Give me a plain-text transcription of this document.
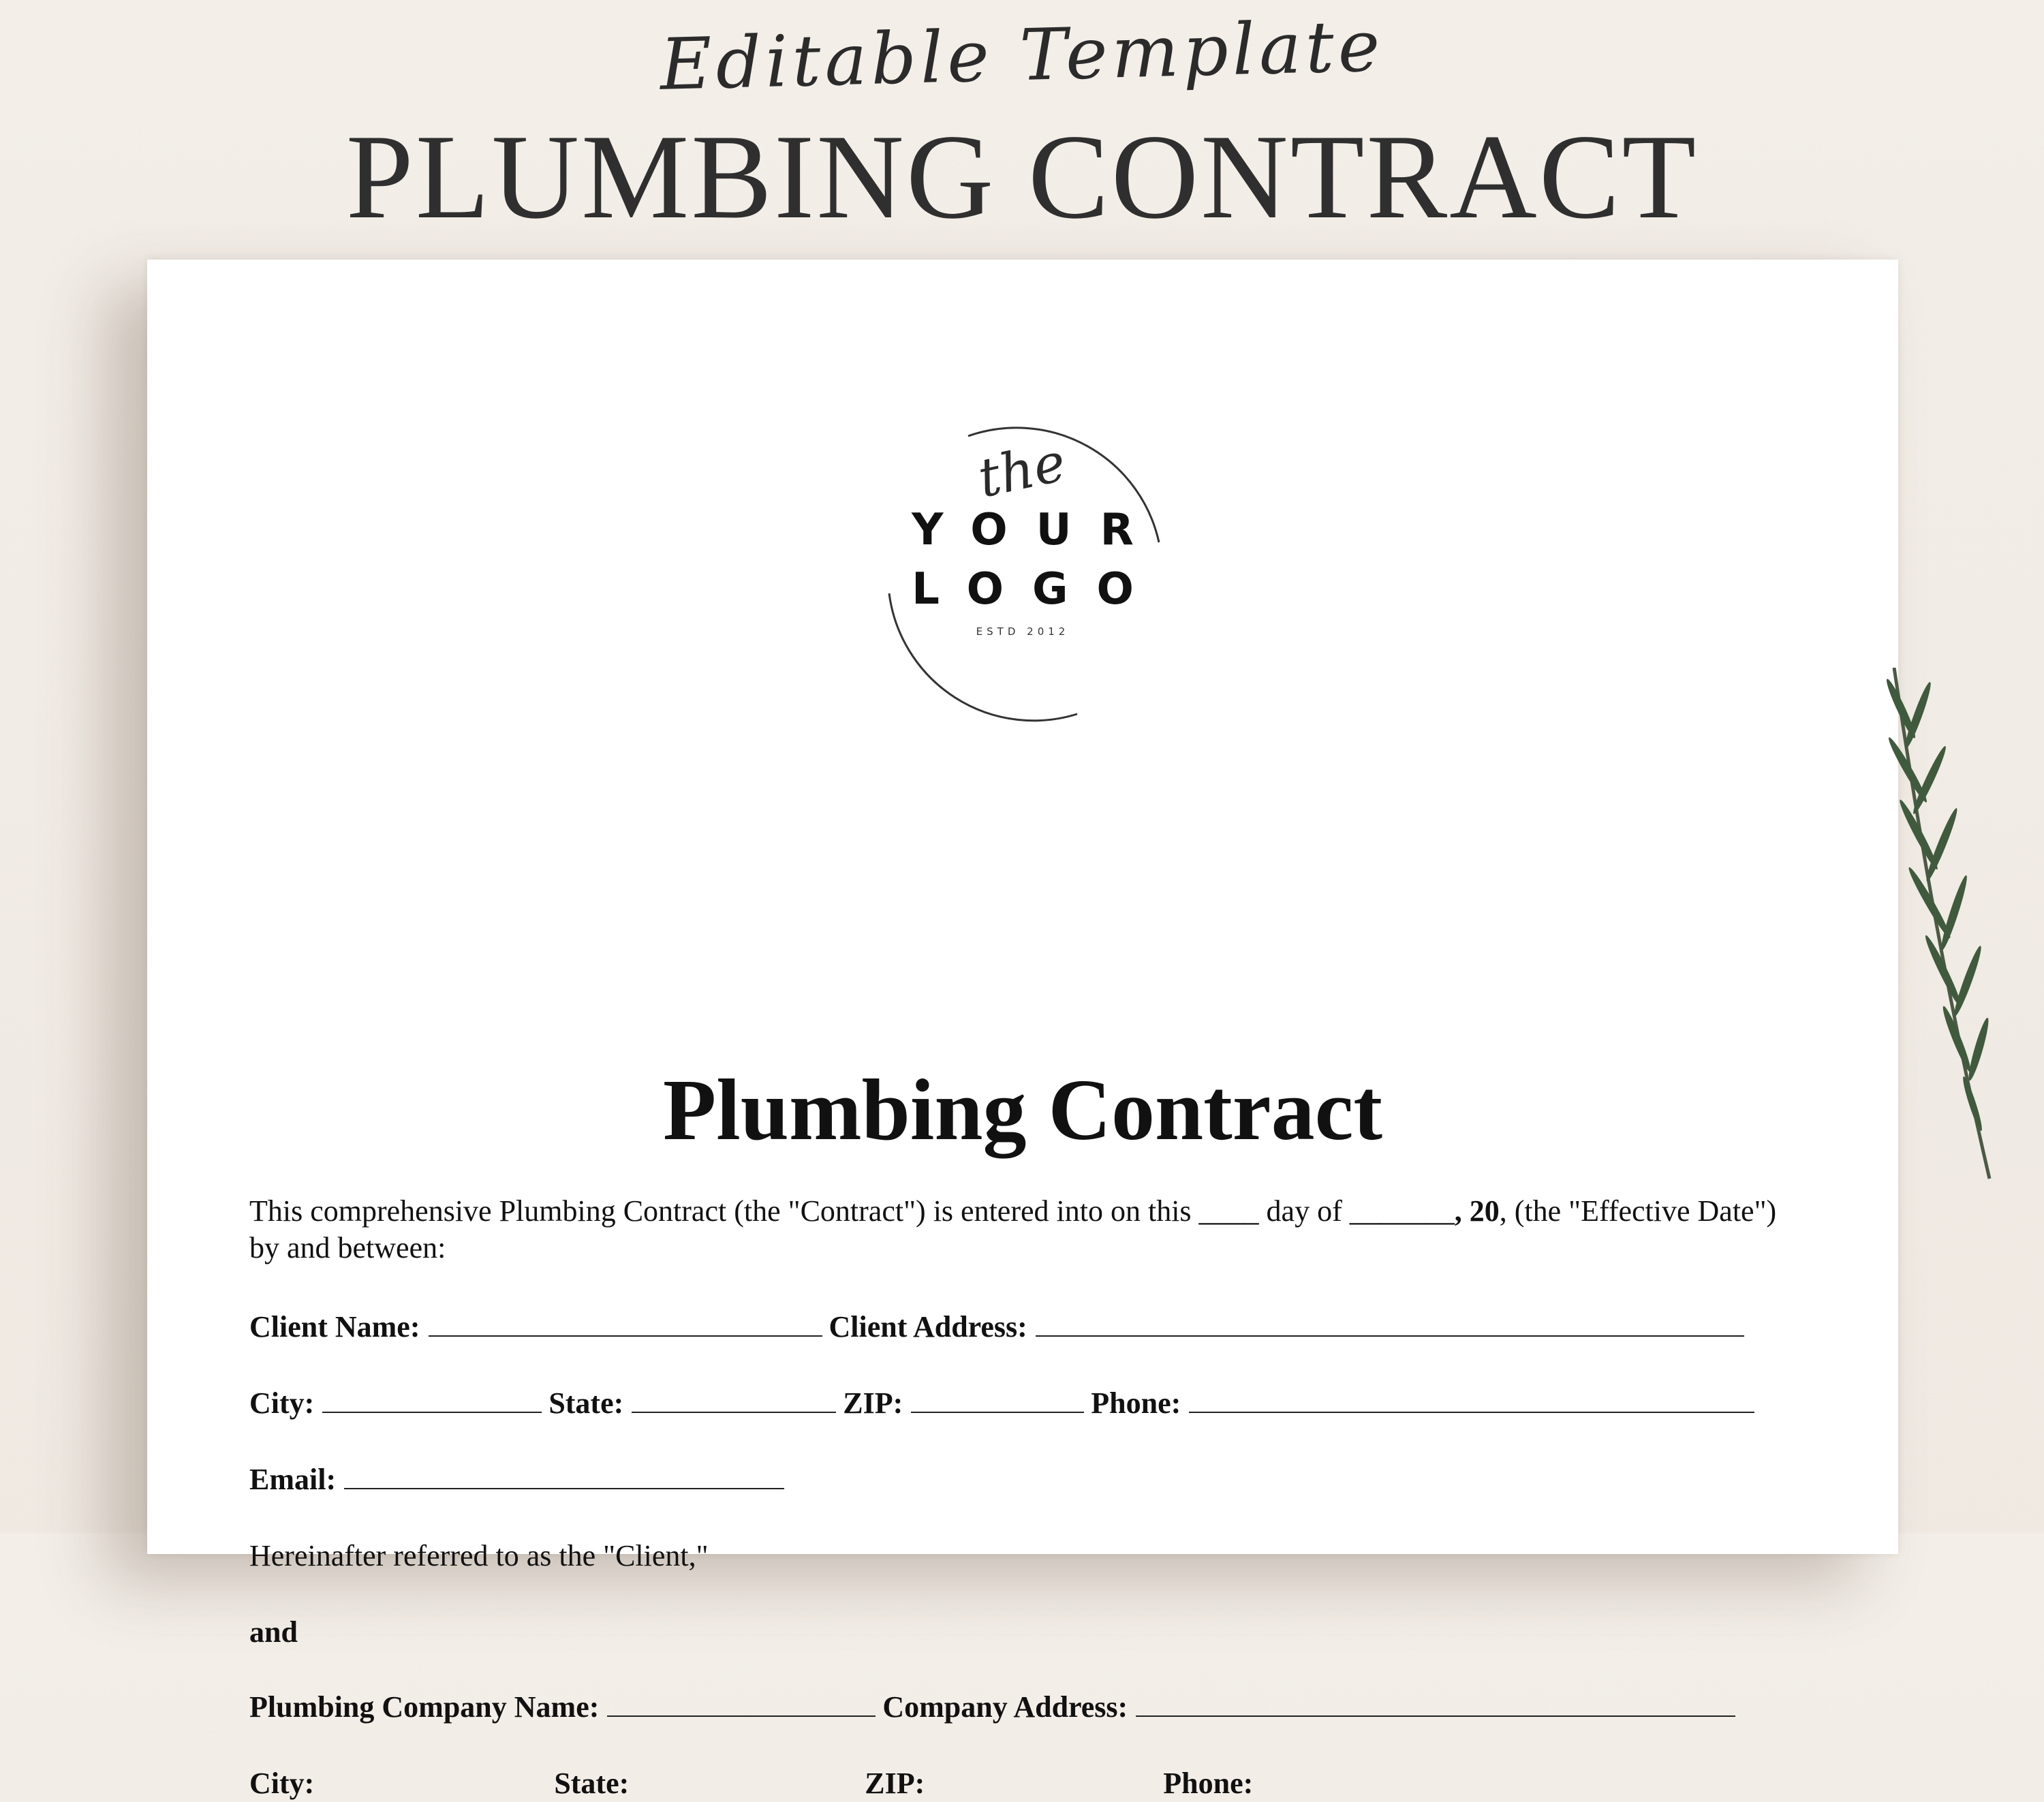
Editable Template
PLUMBING CONTRACT
the
YOUR
LOGO
ESTD 2012
Plumbing Contract
This comprehensive Plumbing Contract (the "Contract") is entered into on this ____ day of _______, 20, (the "Effective Date") by and between:
Client Name:	Client Address:
City:	State:	ZIP:	Phone:
Email:
Hereinafter referred to as the "Client,"
and
Plumbing Company Name:	Company Address:
City:	State:	ZIP:	Phone:
